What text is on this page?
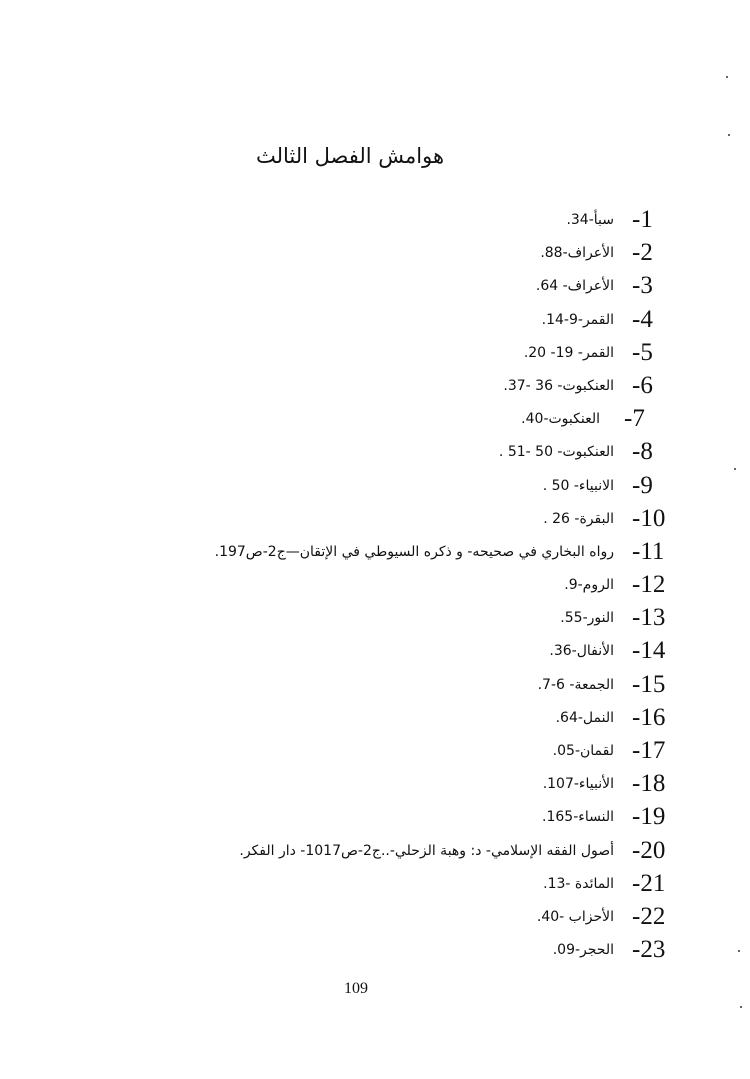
هوامش الفصل الثالث
-1
سبأ-34.
-2
الأعراف-88.
-3
الأعراف- 64.
-4
القمر-9-14.
-5
القمر- 19- 20.
-6
العنكبوت- 36 -37.
-7
العنكبوت-40.
-8
العنكبوت- 50 -51 .
-9
الانبياء- 50 .
-10
البقرة- 26 .
-11
رواه البخاري في صحيحه- و ذكره السيوطي في الإتقان—ج2-ص197.
-12
الروم-9.
-13
النور-55.
-14
الأنفال-36.
-15
الجمعة- 6-7.
-16
النمل-64.
-17
لقمان-05.
-18
الأنبياء-107.
-19
النساء-165.
-20
أصول الفقه الإسلامي- د: وهبة الزحلي-..ج2-ص1017- دار الفكر.
-21
المائدة -13.
-22
الأحزاب -40.
-23
الحجر-09.
109
